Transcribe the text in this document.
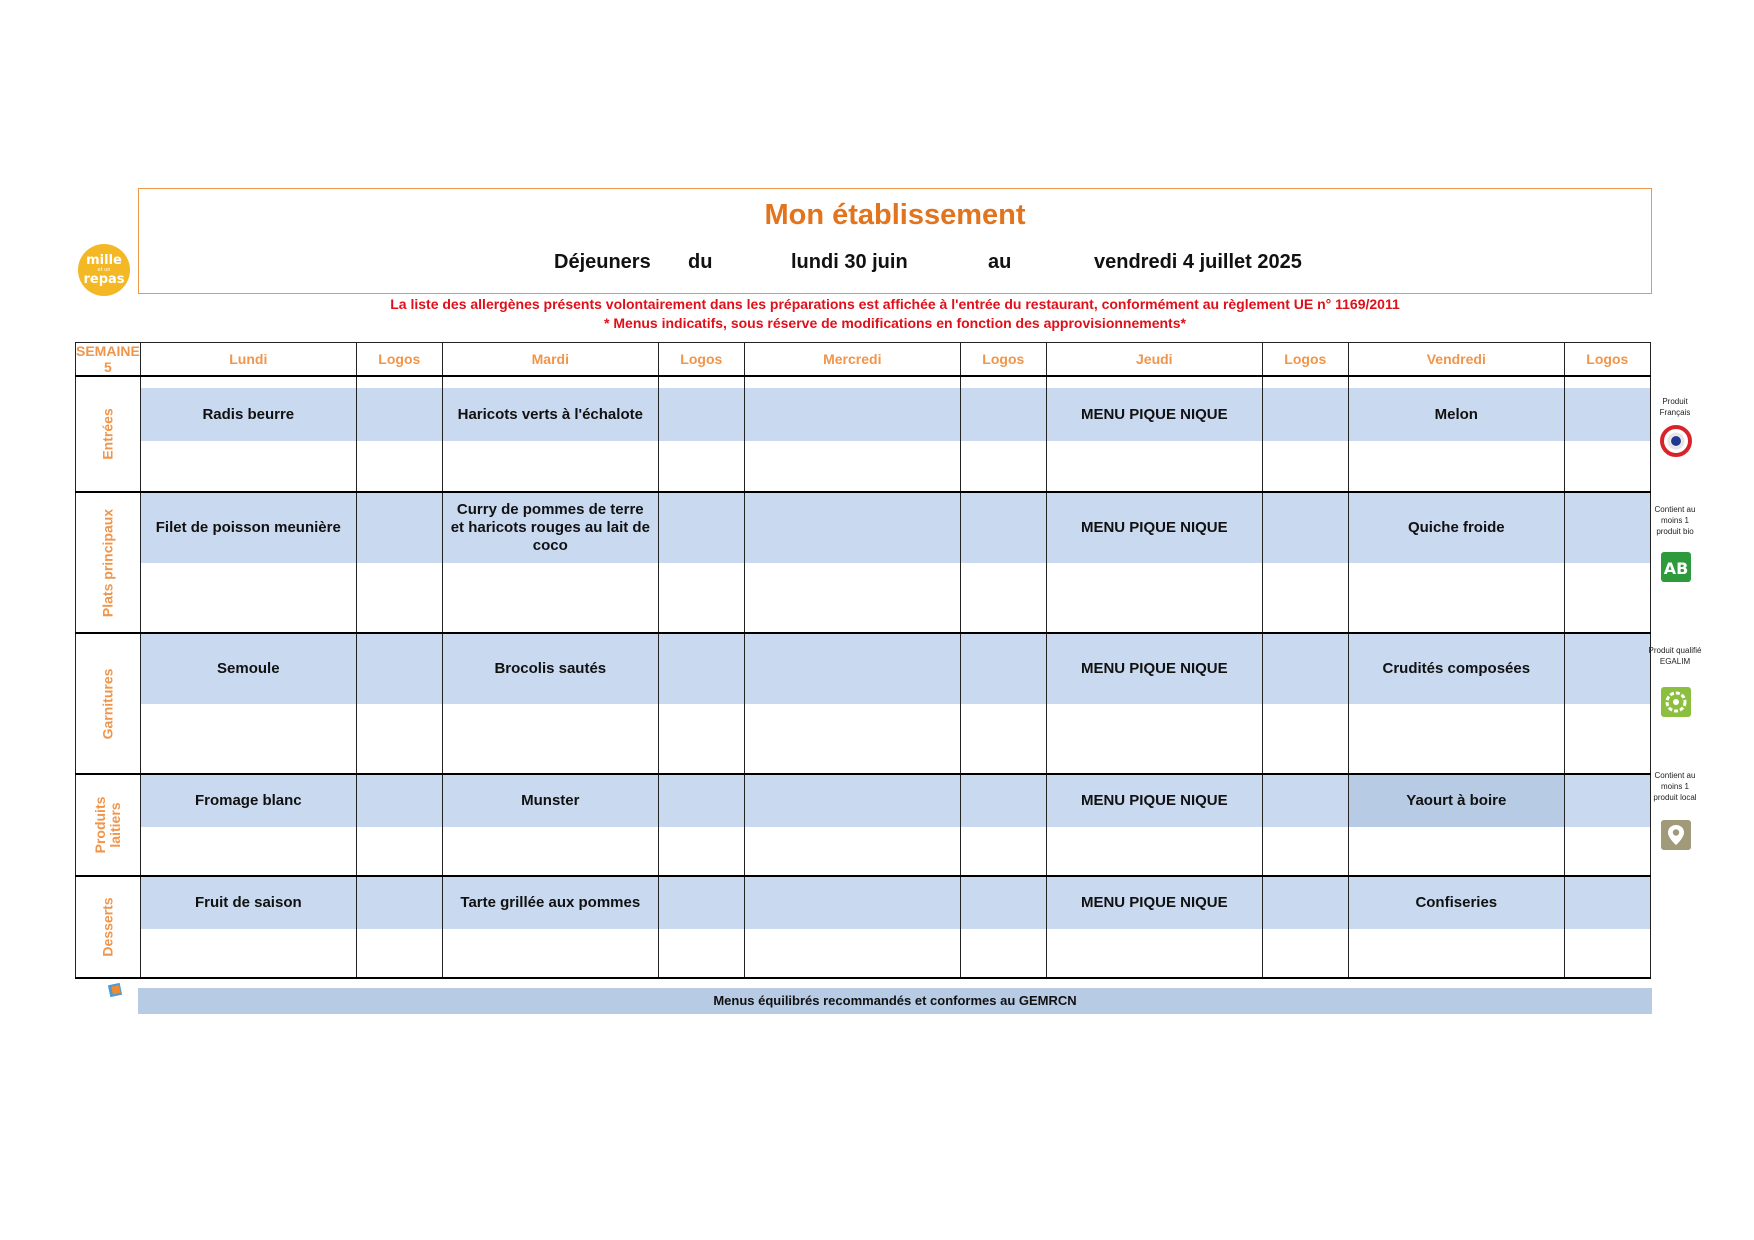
mille
et un
repas
Mon établissement
Déjeuners du	lundi 30 juin	au	vendredi 4 juillet 2025
La liste des allergènes présents volontairement dans les préparations est affichée à l'entrée du restaurant, conformément au règlement UE n° 1169/2011
* Menus indicatifs, sous réserve de modifications en fonction des approvisionnements*
SEMAINE 5	Lundi	Logos	Mardi	Logos	Mercredi	Logos	Jeudi	Logos	Vendredi	Logos

Entrées	Radis beurre		Haricots verts à l'échalote				MENU PIQUE NIQUE		Melon	

Plats principaux	Filet de poisson meunière		Curry de pommes de terre et haricots rouges au lait de coco				MENU PIQUE NIQUE		Quiche froide	

Garnitures	Semoule		Brocolis sautés				MENU PIQUE NIQUE		Crudités composées	

Produits laitiers	Fromage blanc		Munster				MENU PIQUE NIQUE		Yaourt à boire	

Desserts	Fruit de saison		Tarte grillée aux pommes				MENU PIQUE NIQUE		Confiseries	

Produit Français
Contient au moins 1 produit bio
AB
Produit qualifié EGALIM
Contient au moins 1 produit local
Menus équilibrés recommandés et conformes au GEMRCN
